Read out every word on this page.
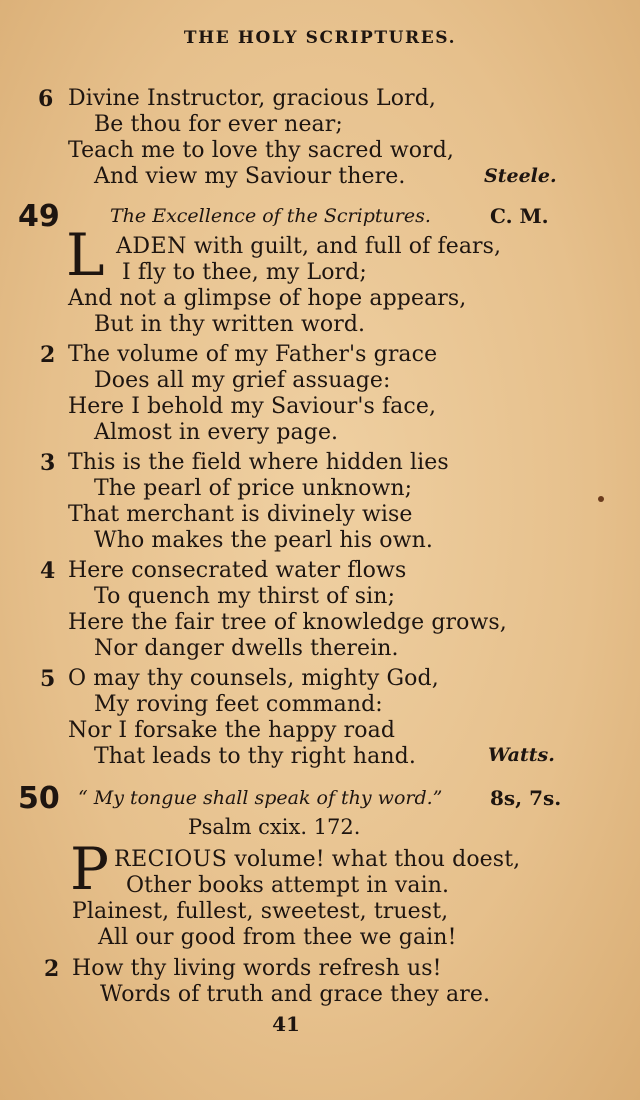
THE HOLY SCRIPTURES.
6 Divine Instructor, gracious Lord,
Be thou for ever near;
Teach me to love thy sacred word,
And view my Saviour there.	Steele.
49	The Excellence of the Scriptures.	C. M.
L ADEN with guilt, and full of fears,
I fly to thee, my Lord;
And not a glimpse of hope appears,
But in thy written word.
2 The volume of my Father's grace
Does all my grief assuage:
Here I behold my Saviour's face,
Almost in every page.
3 This is the field where hidden lies
The pearl of price unknown;
That merchant is divinely wise
Who makes the pearl his own.
4 Here consecrated water flows
To quench my thirst of sin;
Here the fair tree of knowledge grows,
Nor danger dwells therein.
5 O may thy counsels, mighty God,
My roving feet command:
Nor I forsake the happy road
That leads to thy right hand.	Watts.
50 “ My tongue shall speak of thy word.” 8s, 7s.
Psalm cxix. 172.
P RECIOUS volume! what thou doest,
Other books attempt in vain.
Plainest, fullest, sweetest, truest,
All our good from thee we gain!
2 How thy living words refresh us!
Words of truth and grace they are.
41
